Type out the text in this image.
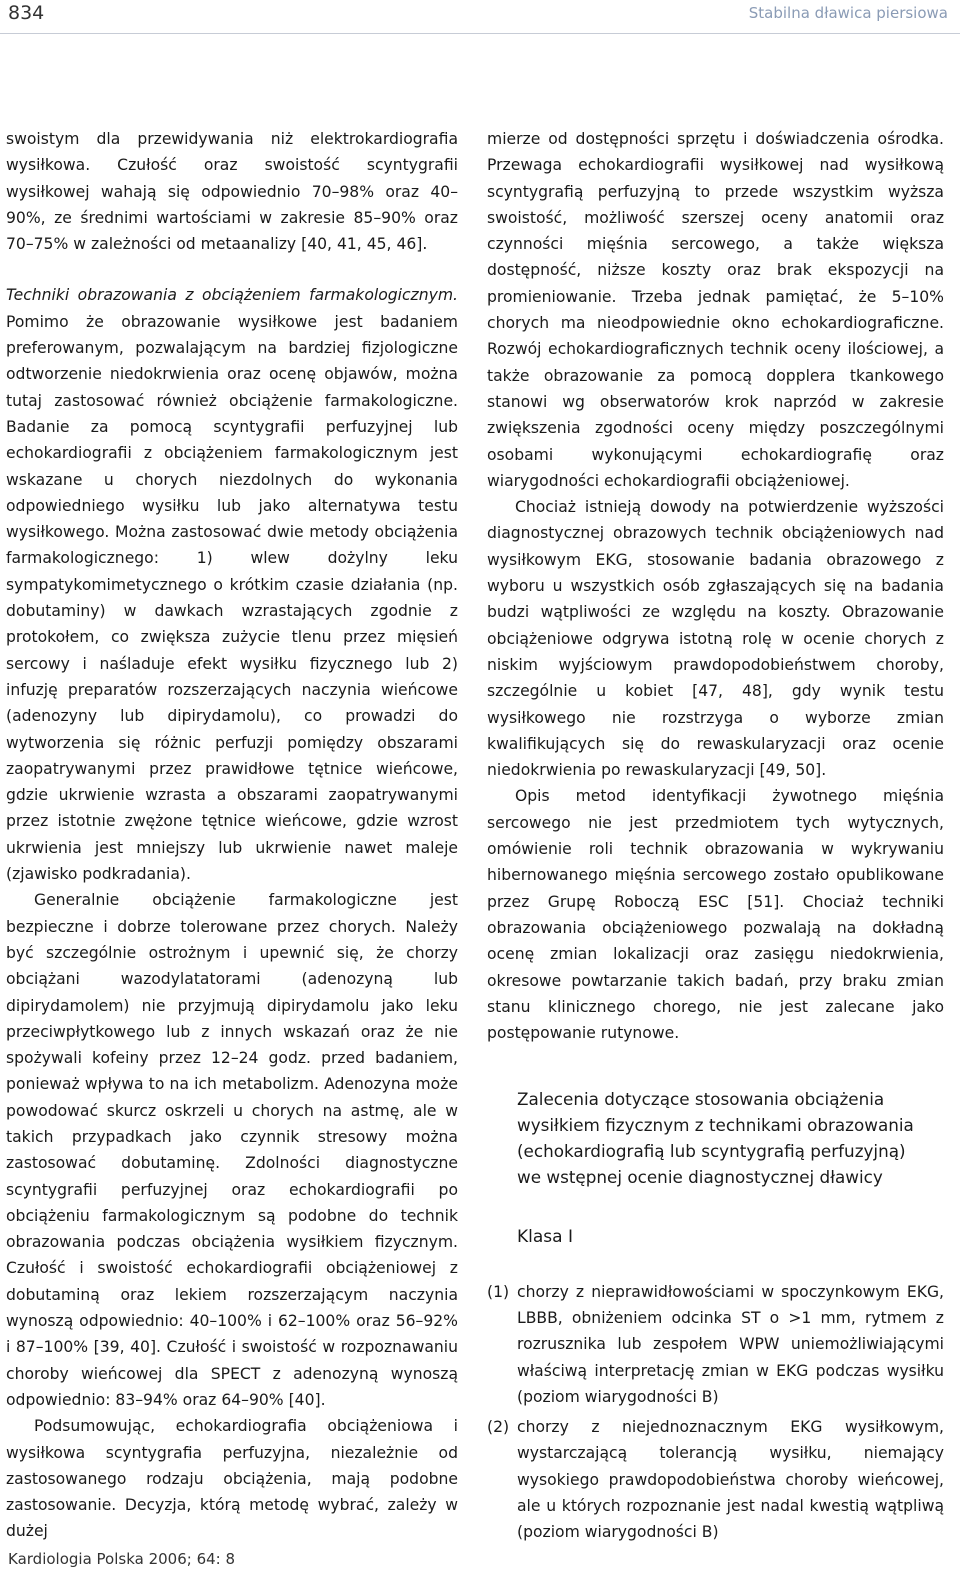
834	Stabilna dławica piersiowa

swoistym dla przewidywania niż elektrokardiografia wysiłkowa. Czułość oraz swoistość scyntygrafii wysiłkowej wahają się odpowiednio 70–98% oraz 40–90%, ze średnimi wartościami w zakresie 85–90% oraz 70–75% w zależności od metaanalizy [40, 41, 45, 46].

Techniki obrazowania z obciążeniem farmakologicznym. Pomimo że obrazowanie wysiłkowe jest badaniem preferowanym, pozwalającym na bardziej fizjologiczne odtworzenie niedokrwienia oraz ocenę objawów, można tutaj zastosować również obciążenie farmakologiczne. Badanie za pomocą scyntygrafii perfuzyjnej lub echokardiografii z obciążeniem farmakologicznym jest wskazane u chorych niezdolnych do wykonania odpowiedniego wysiłku lub jako alternatywa testu wysiłkowego. Można zastosować dwie metody obciążenia farmakologicznego: 1) wlew dożylny leku sympatykomimetycznego o krótkim czasie działania (np. dobutaminy) w dawkach wzrastających zgodnie z protokołem, co zwiększa zużycie tlenu przez mięsień sercowy i naśladuje efekt wysiłku fizycznego lub 2) infuzję preparatów rozszerzających naczynia wieńcowe (adenozyny lub dipirydamolu), co prowadzi do wytworzenia się różnic perfuzji pomiędzy obszarami zaopatrywanymi przez prawidłowe tętnice wieńcowe, gdzie ukrwienie wzrasta a obszarami zaopatrywanymi przez istotnie zwężone tętnice wieńcowe, gdzie wzrost ukrwienia jest mniejszy lub ukrwienie nawet maleje (zjawisko podkradania).

Generalnie obciążenie farmakologiczne jest bezpieczne i dobrze tolerowane przez chorych. Należy być szczególnie ostrożnym i upewnić się, że chorzy obciążani wazodylatatorami (adenozyną lub dipirydamolem) nie przyjmują dipirydamolu jako leku przeciwpłytkowego lub z innych wskazań oraz że nie spożywali kofeiny przez 12–24 godz. przed badaniem, ponieważ wpływa to na ich metabolizm. Adenozyna może powodować skurcz oskrzeli u chorych na astmę, ale w takich przypadkach jako czynnik stresowy można zastosować dobutaminę. Zdolności diagnostyczne scyntygrafii perfuzyjnej oraz echokardiografii po obciążeniu farmakologicznym są podobne do technik obrazowania podczas obciążenia wysiłkiem fizycznym. Czułość i swoistość echokardiografii obciążeniowej z dobutaminą oraz lekiem rozszerzającym naczynia wynoszą odpowiednio: 40–100% i 62–100% oraz 56–92% i 87–100% [39, 40]. Czułość i swoistość w rozpoznawaniu choroby wieńcowej dla SPECT z adenozyną wynoszą odpowiednio: 83–94% oraz 64–90% [40].

Podsumowując, echokardiografia obciążeniowa i wysiłkowa scyntygrafia perfuzyjna, niezależnie od zastosowanego rodzaju obciążenia, mają podobne zastosowanie. Decyzja, którą metodę wybrać, zależy w dużej

mierze od dostępności sprzętu i doświadczenia ośrodka. Przewaga echokardiografii wysiłkowej nad wysiłkową scyntygrafią perfuzyjną to przede wszystkim wyższa swoistość, możliwość szerszej oceny anatomii oraz czynności mięśnia sercowego, a także większa dostępność, niższe koszty oraz brak ekspozycji na promieniowanie. Trzeba jednak pamiętać, że 5–10% chorych ma nieodpowiednie okno echokardiograficzne. Rozwój echokardiograficznych technik oceny ilościowej, a także obrazowanie za pomocą dopplera tkankowego stanowi wg obserwatorów krok naprzód w zakresie zwiększenia zgodności oceny między poszczególnymi osobami wykonującymi echokardiografię oraz wiarygodności echokardiografii obciążeniowej.

Chociaż istnieją dowody na potwierdzenie wyższości diagnostycznej obrazowych technik obciążeniowych nad wysiłkowym EKG, stosowanie badania obrazowego z wyboru u wszystkich osób zgłaszających się na badania budzi wątpliwości ze względu na koszty. Obrazowanie obciążeniowe odgrywa istotną rolę w ocenie chorych z niskim wyjściowym prawdopodobieństwem choroby, szczególnie u kobiet [47, 48], gdy wynik testu wysiłkowego nie rozstrzyga o wyborze zmian kwalifikujących się do rewaskularyzacji oraz ocenie niedokrwienia po rewaskularyzacji [49, 50].

Opis metod identyfikacji żywotnego mięśnia sercowego nie jest przedmiotem tych wytycznych, omówienie roli technik obrazowania w wykrywaniu hibernowanego mięśnia sercowego zostało opublikowane przez Grupę Roboczą ESC [51]. Chociaż techniki obrazowania obciążeniowego pozwalają na dokładną ocenę zmian lokalizacji oraz zasięgu niedokrwienia, okresowe powtarzanie takich badań, przy braku zmian stanu klinicznego chorego, nie jest zalecane jako postępowanie rutynowe.

Zalecenia dotyczące stosowania obciążenia
wysiłkiem fizycznym z technikami obrazowania
(echokardiografią lub scyntygrafią perfuzyjną)
we wstępnej ocenie diagnostycznej dławicy

Klasa I
(1) chorzy z nieprawidłowościami w spoczynkowym EKG, LBBB, obniżeniem odcinka ST o >1 mm, rytmem z rozrusznika lub zespołem WPW uniemożliwiającymi właściwą interpretację zmian w EKG podczas wysiłku (poziom wiarygodności B)
(2) chorzy z niejednoznacznym EKG wysiłkowym, wystarczającą tolerancją wysiłku, niemający wysokiego prawdopodobieństwa choroby wieńcowej, ale u których rozpoznanie jest nadal kwestią wątpliwą (poziom wiarygodności B)
Kardiologia Polska 2006; 64: 8
